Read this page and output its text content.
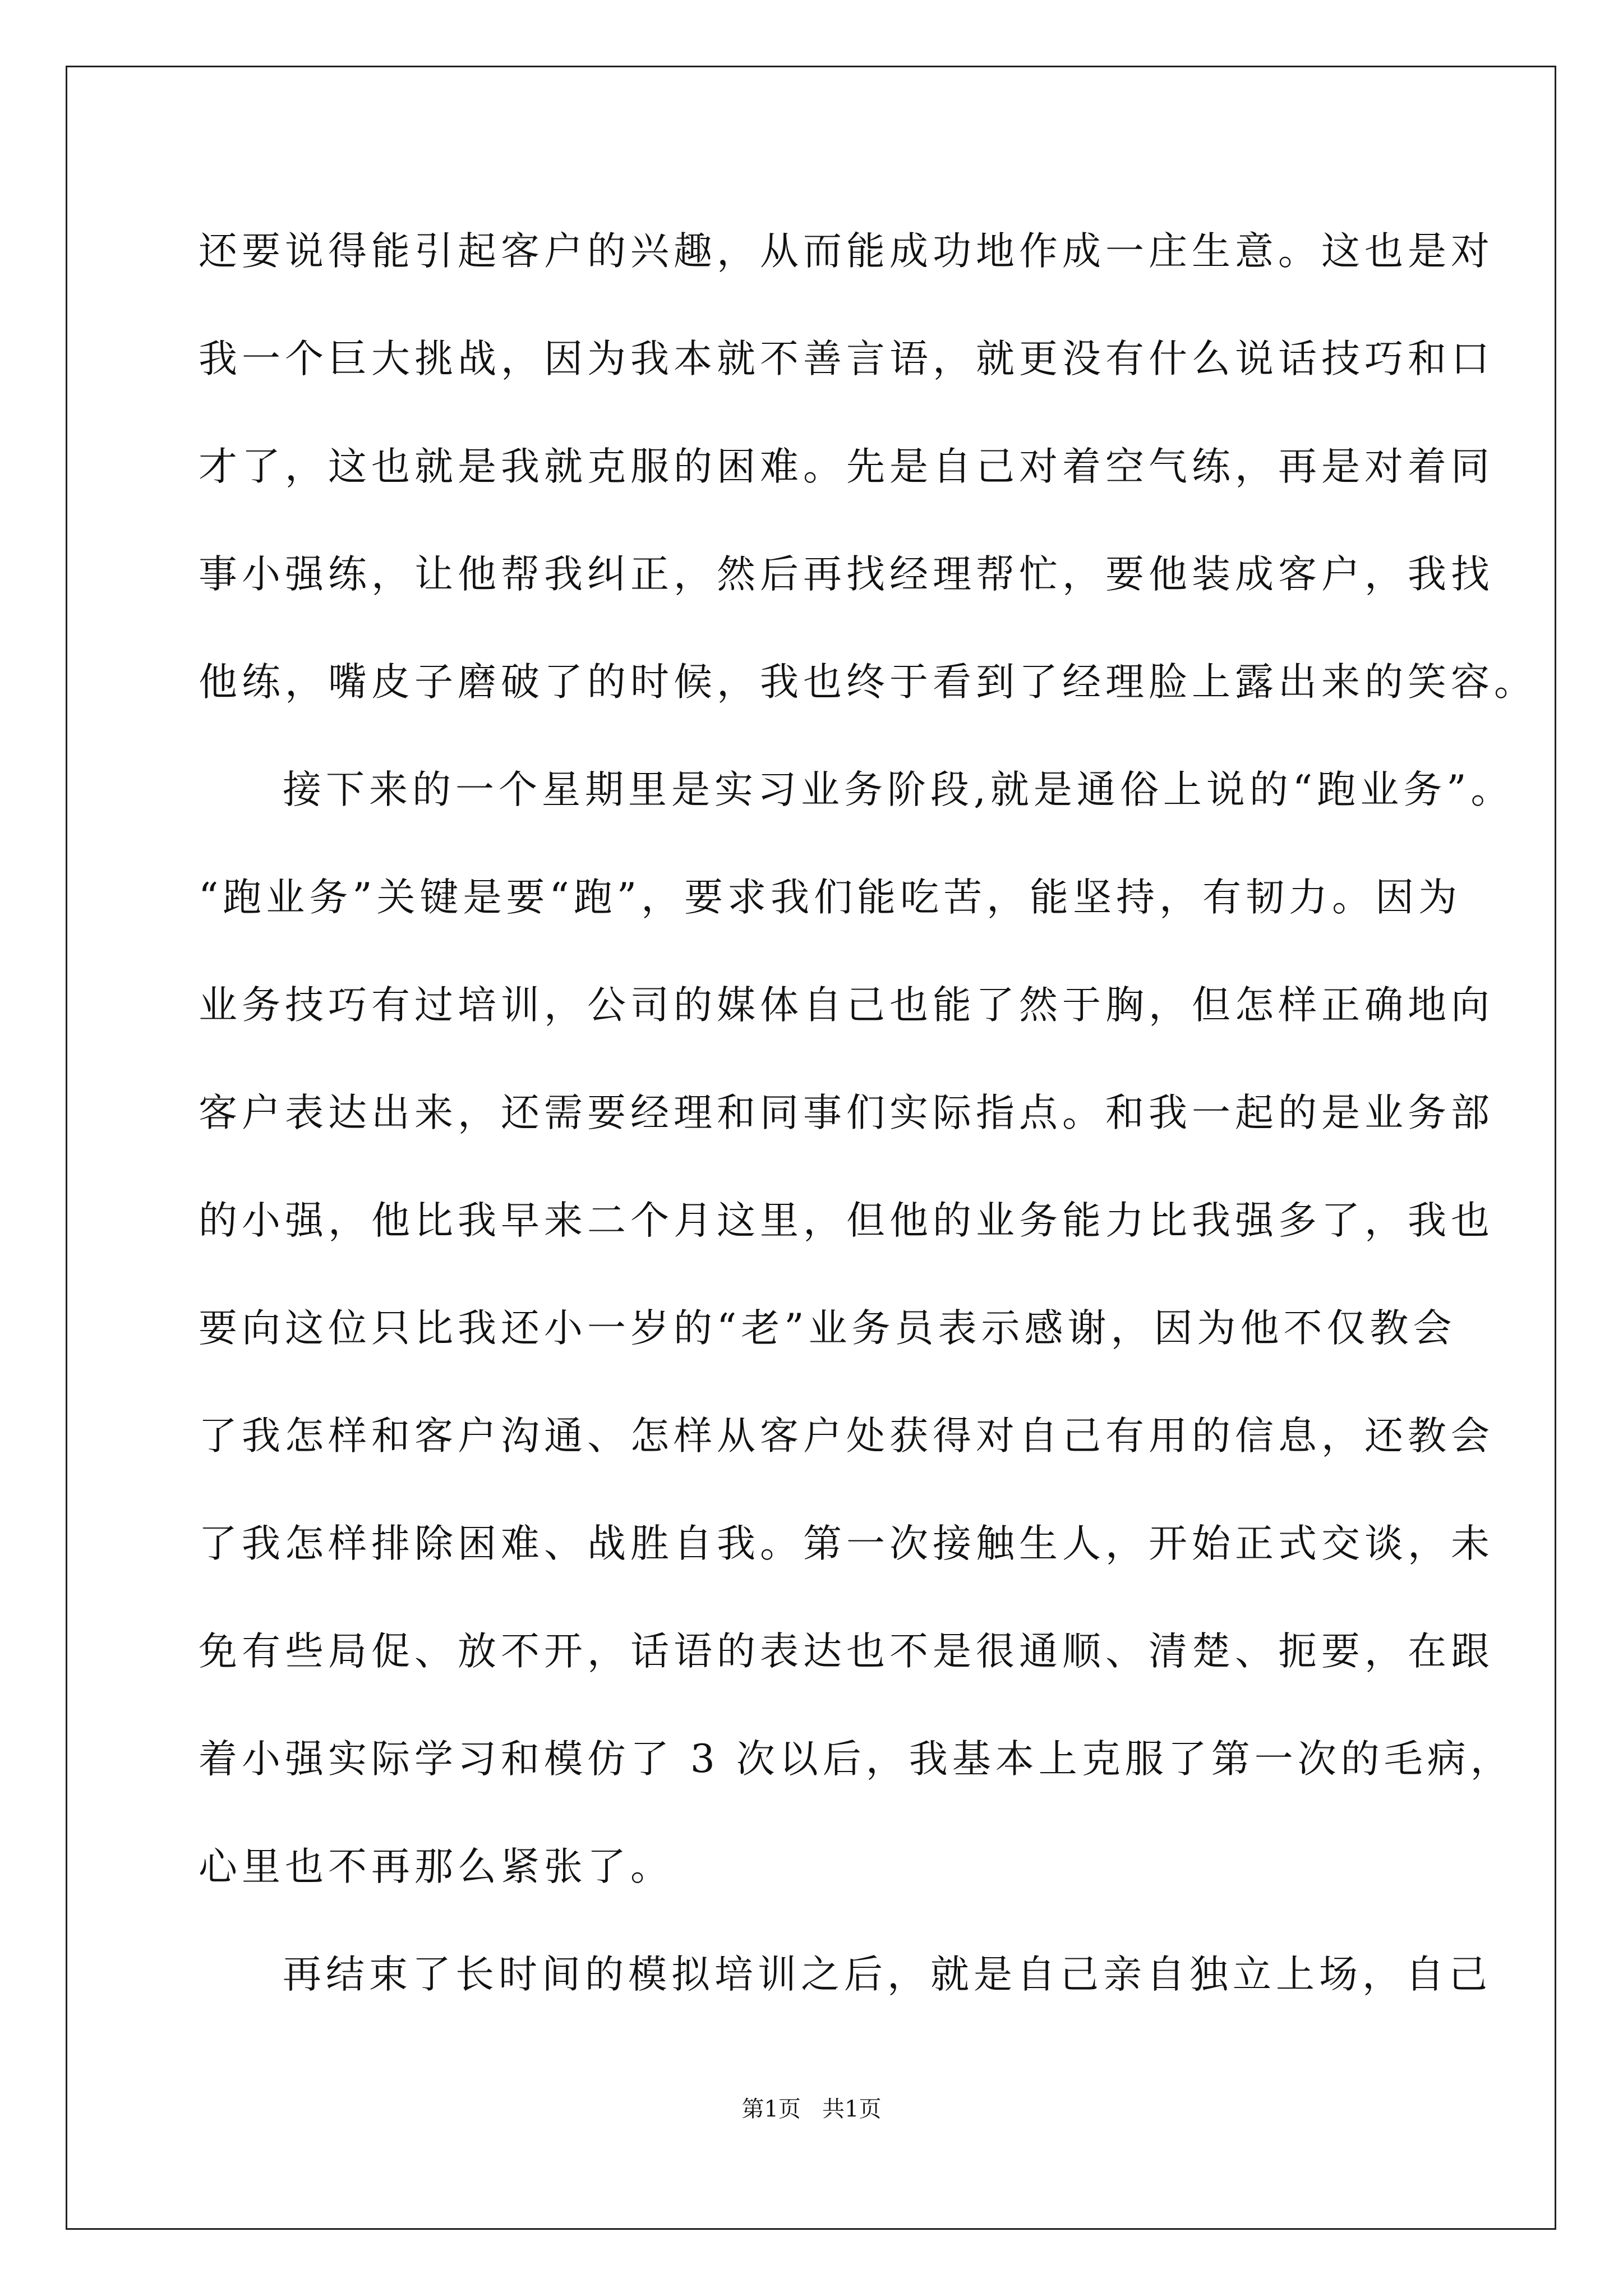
还要说得能引起客户的兴趣，从而能成功地作成一庄生意。这也是对
我一个巨大挑战，因为我本就不善言语，就更没有什么说话技巧和口
才了，这也就是我就克服的困难。先是自己对着空气练，再是对着同
事小强练，让他帮我纠正，然后再找经理帮忙，要他装成客户，我找
他练，嘴皮子磨破了的时候，我也终于看到了经理脸上露出来的笑容。
接下来的一个星期里是实习业务阶段,就是通俗上说的“跑业务”。
“跑业务”关键是要“跑”，要求我们能吃苦，能坚持，有韧力。因为
业务技巧有过培训，公司的媒体自己也能了然于胸，但怎样正确地向
客户表达出来，还需要经理和同事们实际指点。和我一起的是业务部
的小强，他比我早来二个月这里，但他的业务能力比我强多了，我也
要向这位只比我还小一岁的“老”业务员表示感谢，因为他不仅教会
了我怎样和客户沟通、怎样从客户处获得对自己有用的信息，还教会
了我怎样排除困难、战胜自我。第一次接触生人，开始正式交谈，未
免有些局促、放不开，话语的表达也不是很通顺、清楚、扼要，在跟
着小强实际学习和模仿了 3 次以后，我基本上克服了第一次的毛病，
心里也不再那么紧张了。
再结束了长时间的模拟培训之后，就是自己亲自独立上场，自己
第1页   共1页
